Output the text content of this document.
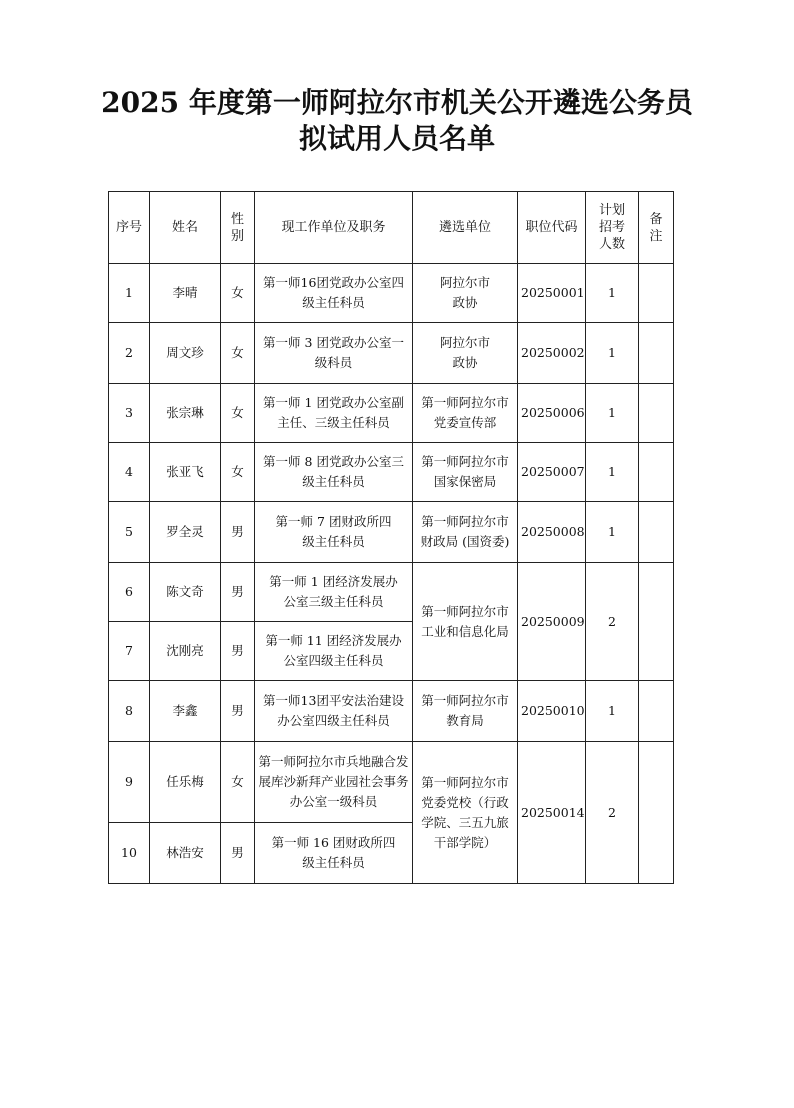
2025 年度第一师阿拉尔市机关公开遴选公务员
拟试用人员名单
序号	姓名	性别	现工作单位及职务	遴选单位	职位代码	计划招考人数	备注
1	李晴	女	第一师16团党政办公室四级主任科员	阿拉尔市政协	20250001	1	
2	周文珍	女	第一师 3 团党政办公室一级科员	阿拉尔市政协	20250002	1	
3	张宗琳	女	第一师 1 团党政办公室副主任、三级主任科员	第一师阿拉尔市党委宣传部	20250006	1	
4	张亚飞	女	第一师 8 团党政办公室三级主任科员	第一师阿拉尔市国家保密局	20250007	1	
5	罗全灵	男	第一师 7 团财政所四级主任科员	第一师阿拉尔市财政局 (国资委)	20250008	1	
6	陈文奇	男	第一师 1 团经济发展办公室三级主任科员	第一师阿拉尔市工业和信息化局	20250009	2	
7	沈刚亮	男	第一师 11 团经济发展办公室四级主任科员				
8	李鑫	男	第一师13团平安法治建设办公室四级主任科员	第一师阿拉尔市教育局	20250010	1	
9	任乐梅	女	第一师阿拉尔市兵地融合发展库沙新拜产业园社会事务办公室一级科员	第一师阿拉尔市党委党校（行政学院、三五九旅干部学院）	20250014	2	
10	林浩安	男	第一师 16 团财政所四级主任科员				
